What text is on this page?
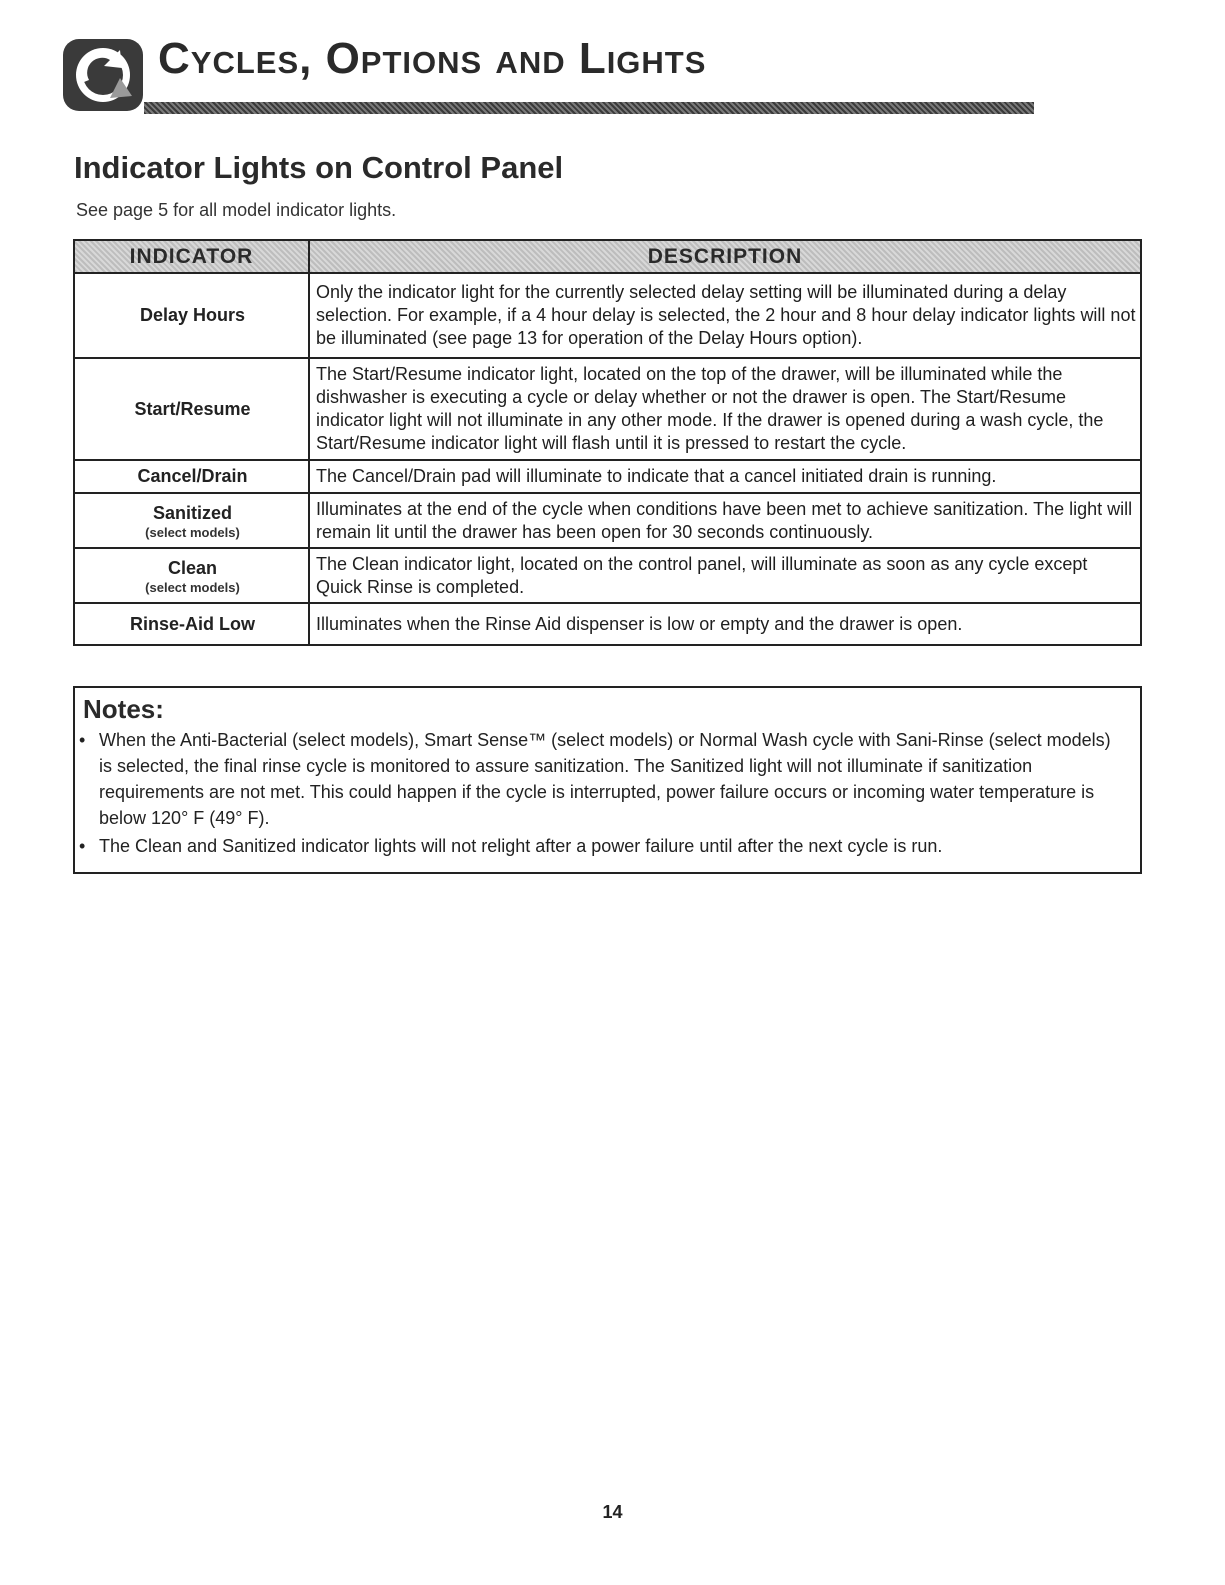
Cycles, Options and Lights
Indicator Lights on Control Panel
See page 5 for all model indicator lights.
INDICATOR	DESCRIPTION
Delay Hours	Only the indicator light for the currently selected delay setting will be illuminated during a delay selection. For example, if a 4 hour delay is selected, the 2 hour and 8 hour delay indicator lights will not be illuminated (see page 13 for operation of the Delay Hours option).
Start/Resume	The Start/Resume indicator light, located on the top of the drawer, will be illuminated while the dishwasher is executing a cycle or delay whether or not the drawer is open. The Start/Resume indicator light will not illuminate in any other mode. If the drawer is opened during a wash cycle, the Start/Resume indicator light will flash until it is pressed to restart the cycle.
Cancel/Drain	The Cancel/Drain pad will illuminate to indicate that a cancel initiated drain is running.
Sanitized
(select models)	Illuminates at the end of the cycle when conditions have been met to achieve sanitization. The light will remain lit until the drawer has been open for 30 seconds continuously.
Clean
(select models)	The Clean indicator light, located on the control panel, will illuminate as soon as any cycle except Quick Rinse is completed.
Rinse-Aid Low	Illuminates when the Rinse Aid dispenser is low or empty and the drawer is open.
Notes:
• When the Anti-Bacterial (select models), Smart Sense™ (select models) or Normal Wash cycle with Sani-Rinse (select models) is selected, the final rinse cycle is monitored to assure sanitization. The Sanitized light will not illuminate if sanitization requirements are not met. This could happen if the cycle is interrupted, power failure occurs or incoming water temperature is below 120° F (49° F).
• The Clean and Sanitized indicator lights will not relight after a power failure until after the next cycle is run.
14
